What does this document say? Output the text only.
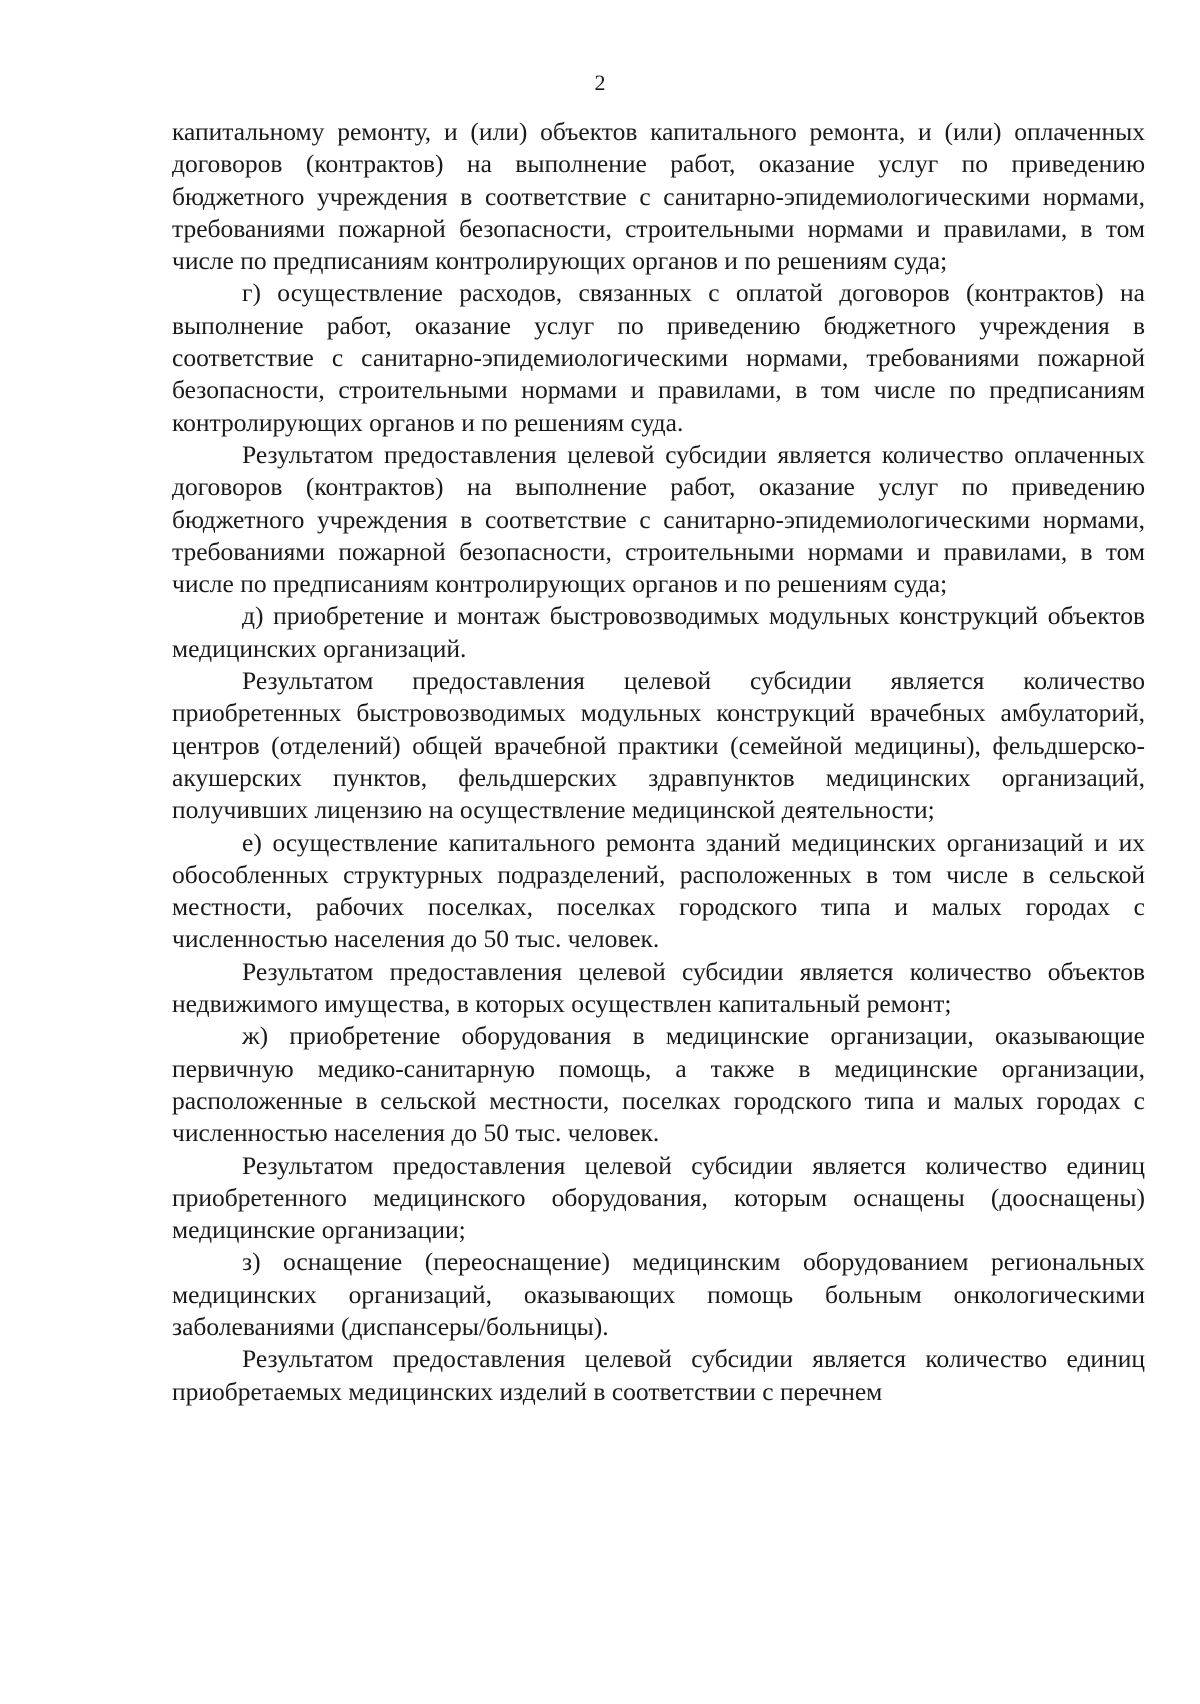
2

капитальному ремонту, и (или) объектов капитального ремонта, и (или) оплаченных договоров (контрактов) на выполнение работ, оказание услуг по приведению бюджетного учреждения в соответствие с санитарно-эпидемиологическими нормами, требованиями пожарной безопасности, строительными нормами и правилами, в том числе по предписаниям контролирующих органов и по решениям суда;

г) осуществление расходов, связанных с оплатой договоров (контрактов) на выполнение работ, оказание услуг по приведению бюджетного учреждения в соответствие с санитарно-эпидемиологическими нормами, требованиями пожарной безопасности, строительными нормами и правилами, в том числе по предписаниям контролирующих органов и по решениям суда.

Результатом предоставления целевой субсидии является количество оплаченных договоров (контрактов) на выполнение работ, оказание услуг по приведению бюджетного учреждения в соответствие с санитарно-эпидемиологическими нормами, требованиями пожарной безопасности, строительными нормами и правилами, в том числе по предписаниям контролирующих органов и по решениям суда;

д) приобретение и монтаж быстровозводимых модульных конструкций объектов медицинских организаций.

Результатом предоставления целевой субсидии является количество приобретенных быстровозводимых модульных конструкций врачебных амбулаторий, центров (отделений) общей врачебной практики (семейной медицины), фельдшерско-акушерских пунктов, фельдшерских здравпунктов медицинских организаций, получивших лицензию на осуществление медицинской деятельности;

е) осуществление капитального ремонта зданий медицинских организаций и их обособленных структурных подразделений, расположенных в том числе в сельской местности, рабочих поселках, поселках городского типа и малых городах с численностью населения до 50 тыс. человек.

Результатом предоставления целевой субсидии является количество объектов недвижимого имущества, в которых осуществлен капитальный ремонт;

ж) приобретение оборудования в медицинские организации, оказывающие первичную медико-санитарную помощь, а также в медицинские организации, расположенные в сельской местности, поселках городского типа и малых городах с численностью населения до 50 тыс. человек.

Результатом предоставления целевой субсидии является количество единиц приобретенного медицинского оборудования, которым оснащены (дооснащены) медицинские организации;

з) оснащение (переоснащение) медицинским оборудованием региональных медицинских организаций, оказывающих помощь больным онкологическими заболеваниями (диспансеры/больницы).

Результатом предоставления целевой субсидии является количество единиц приобретаемых медицинских изделий в соответствии с перечнем
